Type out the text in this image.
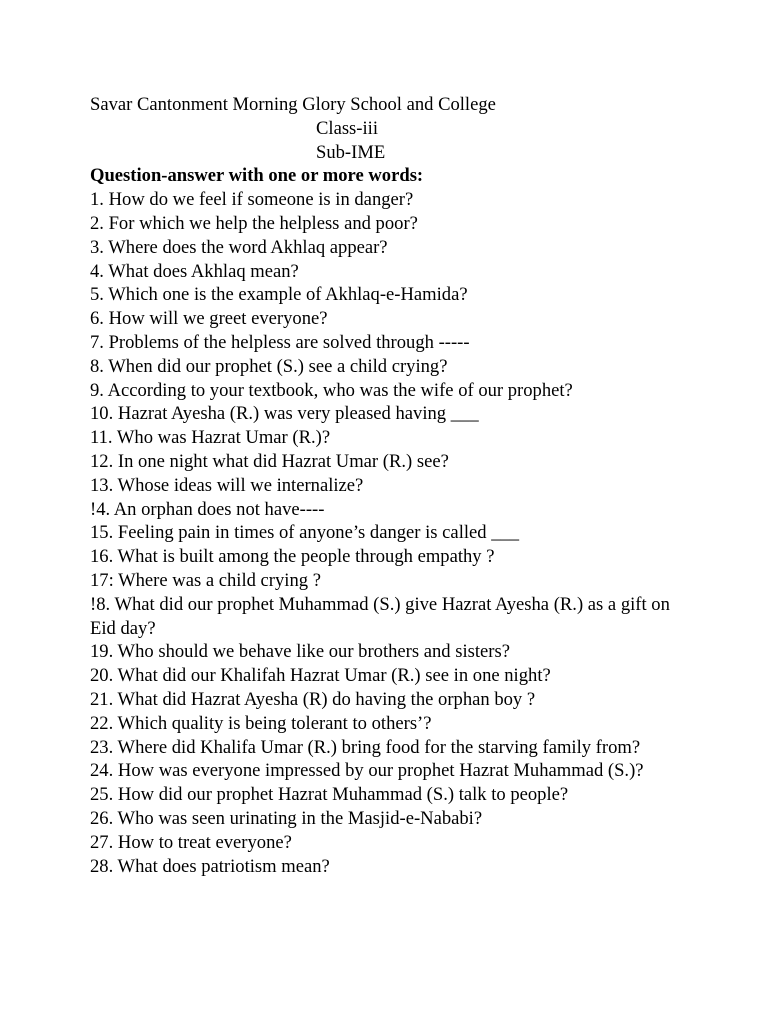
Savar Cantonment Morning Glory School and College

Class-iii

Sub-IME

Question-answer with one or more words:

1. How do we feel if someone is in danger?

2. For which we help the helpless and poor?

3. Where does the word Akhlaq appear?

4. What does Akhlaq mean?

5. Which one is the example of Akhlaq-e-Hamida?

6. How will we greet everyone?

7. Problems of the helpless are solved through -----

8. When did our prophet (S.) see a child crying?

9. According to your textbook, who was the wife of our prophet?

10. Hazrat Ayesha (R.) was very pleased having ___

11. Who was Hazrat Umar (R.)?

12. In one night what did Hazrat Umar (R.) see?

13. Whose ideas will we internalize?

!4. An orphan does not have----

15. Feeling pain in times of anyone’s danger is called ___

16. What is built among the people through empathy ?

17: Where was a child crying ?

!8. What did our prophet Muhammad (S.) give Hazrat Ayesha (R.) as a gift on Eid day?

19. Who should we behave like our brothers and sisters?

20. What did our Khalifah Hazrat Umar (R.) see in one night?

21. What did Hazrat Ayesha (R) do having the orphan boy ?

22. Which quality is being tolerant to others’?

23. Where did Khalifa Umar (R.) bring food for the starving family from?

24. How was everyone impressed by our prophet Hazrat Muhammad (S.)?

25. How did our prophet Hazrat Muhammad (S.) talk to people?

26. Who was seen urinating in the Masjid-e-Nababi?

27. How to treat everyone?

28. What does patriotism mean?
